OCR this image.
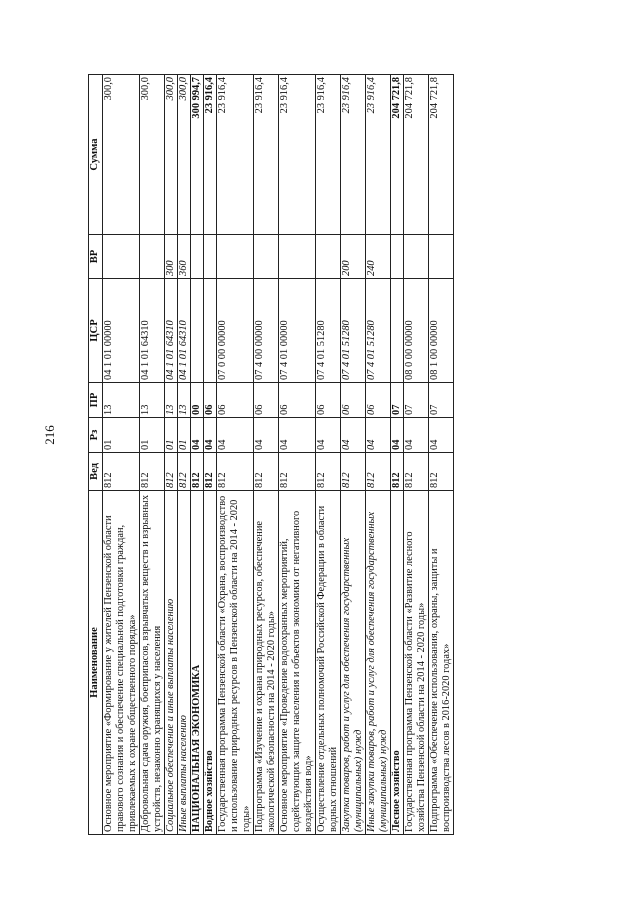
216
Наименование	Вед	Рз	ПР	ЦСР	ВР	Сумма
Основное мероприятие «Формирование у жителей Пензенской области правового сознания и обеспечение специальной подготовки граждан, привлекаемых к охране общественного порядка»	812	01	13	04 1 01 00000		300,0
Добровольная сдача оружия, боеприпасов, взрывчатых веществ и взрывных устройств, незаконно хранящихся у населения	812	01	13	04 1 01 64310		300,0
Социальное обеспечение и иные выплаты населению	812	01	13	04 1 01 64310	300	300,0
Иные выплаты населению	812	01	13	04 1 01 64310	360	300,0
НАЦИОНАЛЬНАЯ ЭКОНОМИКА	812	04	00			300 994,7
Водное хозяйство	812	04	06			23 916,4
Государственная программа Пензенской области «Охрана, воспроизводство и использование природных ресурсов в Пензенской области на 2014 - 2020 годы»	812	04	06	07 0 00 00000		23 916,4
Подпрограмма «Изучение и охрана природных ресурсов, обеспечение экологической безопасности на 2014 - 2020 годы»	812	04	06	07 4 00 00000		23 916,4
Основное мероприятие «Проведение водоохранных мероприятий, содействующих защите населения и объектов экономики от негативного воздействия вод»	812	04	06	07 4 01 00000		23 916,4
Осуществление отдельных полномочий Российской Федерации в области водных отношений	812	04	06	07 4 01 51280		23 916,4
Закупка товаров, работ и услуг для обеспечения государственных (муниципальных) нужд	812	04	06	07 4 01 51280	200	23 916,4
Иные закупки товаров, работ и услуг для обеспечения государственных (муниципальных) нужд	812	04	06	07 4 01 51280	240	23 916,4
Лесное хозяйство	812	04	07			204 721,8
Государственная программа Пензенской области «Развитие лесного хозяйства Пензенской области на 2014 - 2020 годы»	812	04	07	08 0 00 00000		204 721,8
Подпрограмма «Обеспечение использования, охраны, защиты и воспроизводства лесов в 2016-2020 годах»	812	04	07	08 1 00 00000		204 721,8
